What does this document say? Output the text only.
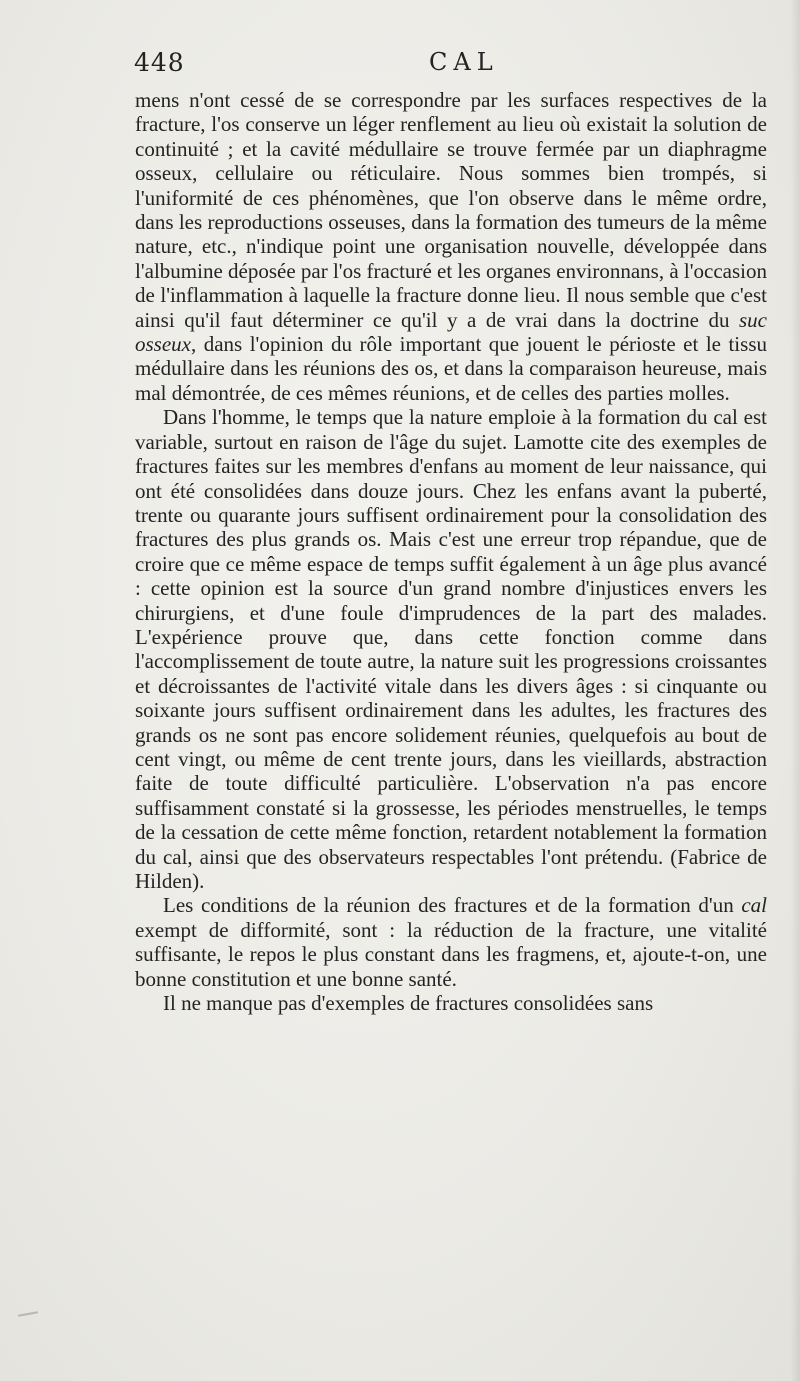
448	CAL

mens n'ont cessé de se correspondre par les surfaces respectives de la fracture, l'os conserve un léger renflement au lieu où existait la solution de continuité ; et la cavité médullaire se trouve fermée par un diaphragme osseux, cellulaire ou réticulaire. Nous sommes bien trompés, si l'uniformité de ces phénomènes, que l'on observe dans le même ordre, dans les reproductions osseuses, dans la formation des tumeurs de la même nature, etc., n'indique point une organisation nouvelle, développée dans l'albumine déposée par l'os fracturé et les organes environnans, à l'occasion de l'inflammation à laquelle la fracture donne lieu. Il nous semble que c'est ainsi qu'il faut déterminer ce qu'il y a de vrai dans la doctrine du suc osseux, dans l'opinion du rôle important que jouent le périoste et le tissu médullaire dans les réunions des os, et dans la comparaison heureuse, mais mal démontrée, de ces mêmes réunions, et de celles des parties molles.

Dans l'homme, le temps que la nature emploie à la formation du cal est variable, surtout en raison de l'âge du sujet. Lamotte cite des exemples de fractures faites sur les membres d'enfans au moment de leur naissance, qui ont été consolidées dans douze jours. Chez les enfans avant la puberté, trente ou quarante jours suffisent ordinairement pour la consolidation des fractures des plus grands os. Mais c'est une erreur trop répandue, que de croire que ce même espace de temps suffit également à un âge plus avancé : cette opinion est la source d'un grand nombre d'injustices envers les chirurgiens, et d'une foule d'imprudences de la part des malades. L'expérience prouve que, dans cette fonction comme dans l'accomplissement de toute autre, la nature suit les progressions croissantes et décroissantes de l'activité vitale dans les divers âges : si cinquante ou soixante jours suffisent ordinairement dans les adultes, les fractures des grands os ne sont pas encore solidement réunies, quelquefois au bout de cent vingt, ou même de cent trente jours, dans les vieillards, abstraction faite de toute difficulté particulière. L'observation n'a pas encore suffisamment constaté si la grossesse, les périodes menstruelles, le temps de la cessation de cette même fonction, retardent notablement la formation du cal, ainsi que des observateurs respectables l'ont prétendu. (Fabrice de Hilden).

Les conditions de la réunion des fractures et de la formation d'un cal exempt de difformité, sont : la réduction de la fracture, une vitalité suffisante, le repos le plus constant dans les fragmens, et, ajoute-t-on, une bonne constitution et une bonne santé.

Il ne manque pas d'exemples de fractures consolidées sans
